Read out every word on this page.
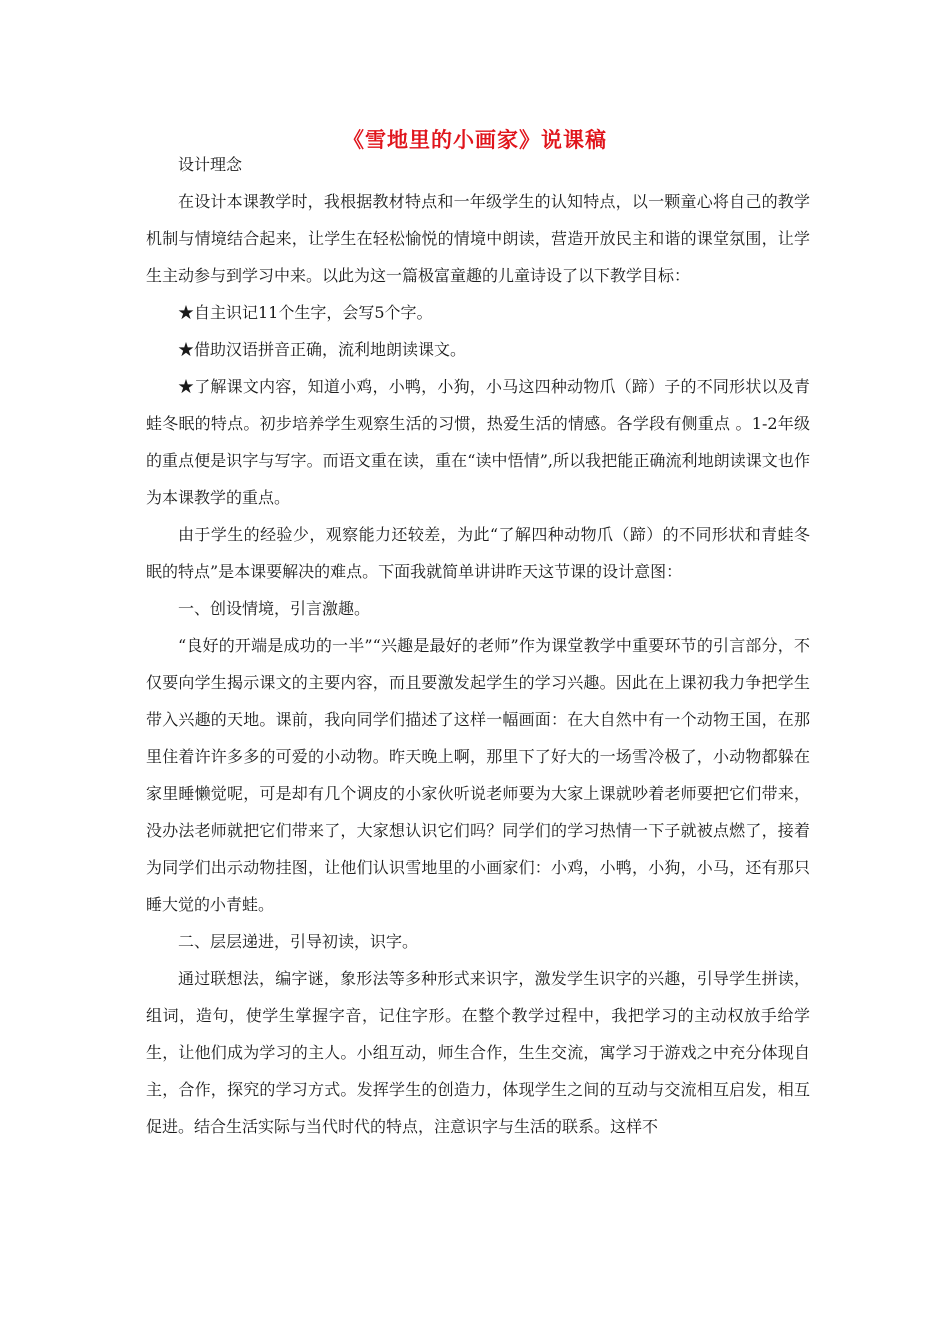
《雪地里的小画家》说课稿

设计理念

在设计本课教学时，我根据教材特点和一年级学生的认知特点，以一颗童心将自己的教学机制与情境结合起来，让学生在轻松愉悦的情境中朗读，营造开放民主和谐的课堂氛围，让学生主动参与到学习中来。以此为这一篇极富童趣的儿童诗设了以下教学目标：

★自主识记11个生字，会写5个字。

★借助汉语拼音正确，流利地朗读课文。

★了解课文内容，知道小鸡，小鸭，小狗，小马这四种动物爪（蹄）子的不同形状以及青蛙冬眠的特点。初步培养学生观察生活的习惯，热爱生活的情感。各学段有侧重点 。1-2年级的重点便是识字与写字。而语文重在读，重在“读中悟情”,所以我把能正确流利地朗读课文也作为本课教学的重点。

由于学生的经验少，观察能力还较差，为此“了解四种动物爪（蹄）的不同形状和青蛙冬眠的特点”是本课要解决的难点。下面我就简单讲讲昨天这节课的设计意图：

一、创设情境，引言激趣。

“良好的开端是成功的一半”“兴趣是最好的老师”作为课堂教学中重要环节的引言部分，不仅要向学生揭示课文的主要内容，而且要激发起学生的学习兴趣。因此在上课初我力争把学生带入兴趣的天地。课前，我向同学们描述了这样一幅画面：在大自然中有一个动物王国，在那里住着许许多多的可爱的小动物。昨天晚上啊，那里下了好大的一场雪冷极了，小动物都躲在家里睡懒觉呢，可是却有几个调皮的小家伙听说老师要为大家上课就吵着老师要把它们带来，没办法老师就把它们带来了，大家想认识它们吗？同学们的学习热情一下子就被点燃了，接着为同学们出示动物挂图，让他们认识雪地里的小画家们：小鸡，小鸭，小狗，小马，还有那只睡大觉的小青蛙。

二、层层递进，引导初读，识字。

通过联想法，编字谜，象形法等多种形式来识字，激发学生识字的兴趣，引导学生拼读，组词，造句，使学生掌握字音，记住字形。在整个教学过程中，我把学习的主动权放手给学生，让他们成为学习的主人。小组互动，师生合作，生生交流，寓学习于游戏之中充分体现自主，合作，探究的学习方式。发挥学生的创造力，体现学生之间的互动与交流相互启发，相互促进。结合生活实际与当代时代的特点，注意识字与生活的联系。这样不
